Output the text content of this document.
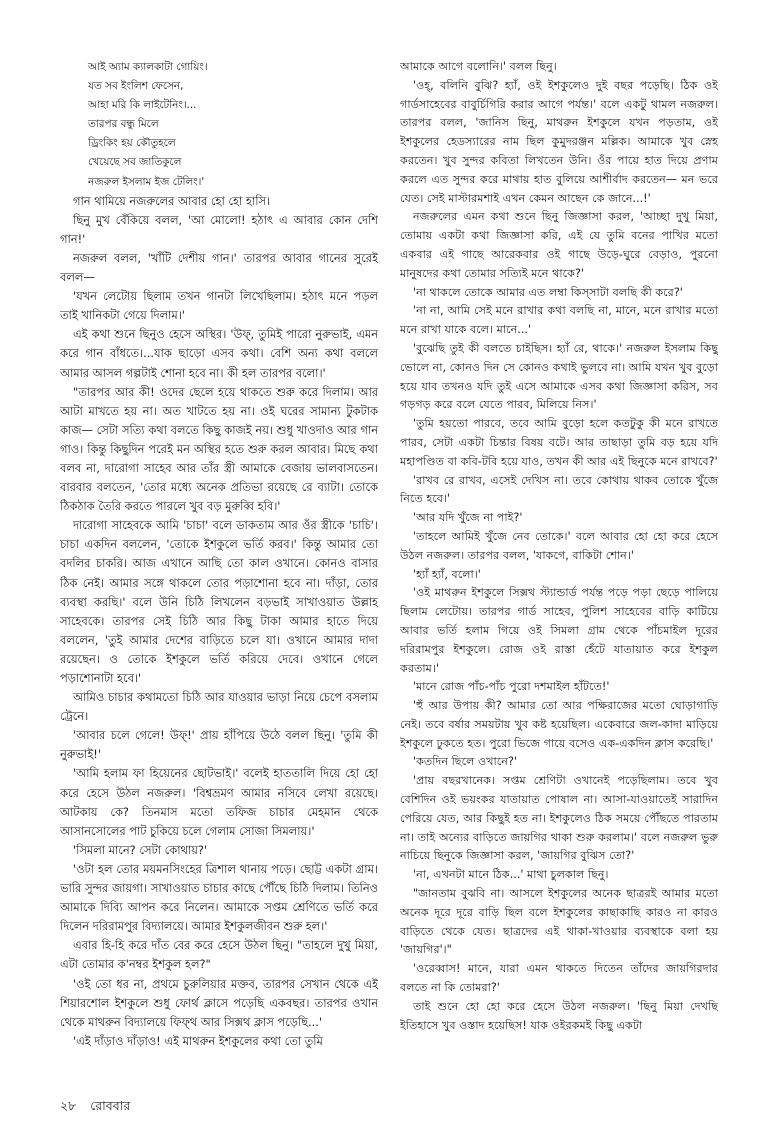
আই অ্যাম ক্যালকাটা গোয়িং।

যত সব ইংলিশ ফেসেন,

আহা মরি কি লাইটেনিং।...

তারপর বন্ধু মিলে

ড্রিংকিং হয় কৌতুহলে

খেয়েছে সব জাতিকুলে

নজরুল ইসলাম ইজ টেলিং।'

গান থামিয়ে নজরুলের আবার হো হো হাসি।

ছিনু মুখ বেঁকিয়ে বলল, 'আ মোলো! হঠাৎ এ আবার কোন দেশি গান!'

নজরুল বলল, 'খাঁটি দেশীয় গান।' তারপর আবার গানের সুরেই বলল—

'যখন লেটোয় ছিলাম তখন গানটা লিখেছিলাম। হঠাৎ মনে পড়ল তাই খানিকটা গেয়ে দিলাম।'

এই কথা শুনে ছিনুও হেসে অস্থির। 'উফ্‌, তুমিই পারো নুরুভাই, এমন করে গান বাঁধতে।...যাক ছাড়ো এসব কথা। বেশি অন্য কথা বললে আমার আসল গল্পটাই শোনা হবে না। কী হল তারপর বলো।'

"তারপর আর কী! ওদের ছেলে হয়ে থাকতে শুরু করে দিলাম। আর আটা মাখতে হয় না। অত খাটতে হয় না। ওই ঘরের সামান্য টুকটাক কাজ— সেটা সত্যি কথা বলতে কিছু কাজই নয়। শুধু খাওদাও আর গান গাও। কিন্তু কিছুদিন পরেই মন অস্থির হতে শুরু করল আবার। মিছে কথা বলব না, দারোগা সাহেব আর তাঁর স্ত্রী আমাকে বেজায় ভালবাসতেন। বারবার বলতেন, 'তোর মধ্যে অনেক প্রতিভা রয়েছে রে ব্যাটা। তোকে ঠিকঠাক তৈরি করতে পারলে খুব বড় মুরুব্বি হবি।'

দারোগা সাহেবকে আমি 'চাচা' বলে ডাকতাম আর ওঁর স্ত্রীকে 'চাচি'। চাচা একদিন বললেন, 'তোকে ইশকুলে ভর্তি করব।' কিন্তু আমার তো বদলির চাকরি। আজ এখানে আছি তো কাল ওখানে। কোনও বাসার ঠিক নেই। আমার সঙ্গে থাকলে তোর পড়াশোনা হবে না। দাঁড়া, তোর ব্যবস্থা করছি।' বলে উনি চিঠি লিখলেন বড়ভাই সাখাওয়াত উল্লাহ সাহেবকে। তারপর সেই চিঠি আর কিছু টাকা আমার হাতে দিয়ে বললেন, 'তুই আমার দেশের বাড়িতে চলে যা। ওখানে আমার দাদা রয়েছেন। ও তোকে ইশকুলে ভর্তি করিয়ে দেবে। ওখানে গেলে পড়াশোনাটা হবে।'

আমিও চাচার কথামতো চিঠি আর যাওয়ার ভাড়া নিয়ে চেপে বসলাম ট্রেনে।

'আবার চলে গেলে! উফ্‌!' প্রায় হাঁপিয়ে উঠে বলল ছিনু। 'তুমি কী নুরুভাই!'

'আমি হলাম ফা হিয়েনের ছোটভাই।' বলেই হাততালি দিয়ে হো হো করে হেসে উঠল নজরুল। 'বিশ্বভ্রমণ আমার নসিবে লেখা রয়েছে। আটকায় কে? তিনমাস মতো তফিজ চাচার মেহমান থেকে আসানসোলের পাট চুকিয়ে চলে গেলাম সোজা সিমলায়।'

'সিমলা মানে? সেটা কোথায়?'

'ওটা হল তোর ময়মনসিংহের ত্রিশাল থানায় পড়ে। ছোট্ট একটা গ্রাম। ভারি সুন্দর জায়গা। সাখাওয়াত চাচার কাছে পৌঁছে চিঠি দিলাম। তিনিও আমাকে দিব্যি আপন করে নিলেন। আমাকে সপ্তম শ্রেণিতে ভর্তি করে দিলেন দরিরামপুর বিদ্যালয়ে। আমার ইশকুলজীবন শুরু হল।'

এবার হি-হি করে দাঁত বের করে হেসে উঠল ছিনু। "তাহলে দুখু মিয়া, এটা তোমার ক'নম্বর ইশকুল হল?"

'ওই তো ধর না, প্রথমে চুরুলিয়ার মক্তব, তারপর সেখান থেকে এই শিয়ারশোল ইশকুলে শুধু ফোর্থ ক্লাসে পড়েছি একবছর। তারপর ওখান থেকে মাথরুন বিদ্যালয়ে ফিফ্‌থ আর সিক্সথ ক্লাস পড়েছি...'

'এই দাঁড়াও দাঁড়াও! এই মাথরুন ইশকুলের কথা তো তুমি

আমাকে আগে বলোনি।' বলল ছিনু।

'ওহ্‌, বলিনি বুঝি? হ্যাঁ, ওই ইশকুলেও দুই বছর পড়েছি। ঠিক ওই গার্ডসাহেবের বাবুর্চিগিরি করার আগে পর্যন্ত।' বলে একটু থামল নজরুল। তারপর বলল, 'জানিস ছিনু, মাথরুন ইশকুলে যখন পড়তাম, ওই ইশকুলের হেডস্যারের নাম ছিল কুমুদরঞ্জন মল্লিক। আমাকে খুব স্নেহ করতেন। খুব সুন্দর কবিতা লিখতেন উনি। ওঁর পায়ে হাত দিয়ে প্রণাম করলে এত সুন্দর করে মাথায় হাত বুলিয়ে আশীর্বাদ করতেন— মন ভরে যেত। সেই মাস্টারমশাই এখন কেমন আছেন কে জানে...!'

নজরুলের এমন কথা শুনে ছিনু জিজ্ঞাসা করল, 'আচ্ছা দুখু মিয়া, তোমায় একটা কথা জিজ্ঞাসা করি, এই যে তুমি বনের পাখির মতো একবার এই গাছে আরেকবার ওই গাছে উড়ে-ঘুরে বেড়াও, পুরনো মানুষদের কথা তোমার সত্যিই মনে থাকে?'

'না থাকলে তোকে আমার এত লম্বা কিস্‌সাটা বলছি কী করে?'

'না না, আমি সেই মনে রাখার কথা বলছি না, মানে, মনে রাখার মতো মনে রাখা যাকে বলে। মানে...'

'বুঝেছি তুই কী বলতে চাইছিস। হ্যাঁ রে, থাকে।' নজরুল ইসলাম কিছু ভোলে না, কোনও দিন সে কোনও কথাই ভুলবে না। আমি যখন খুব বুড়ো হয়ে যাব তখনও যদি তুই এসে আমাকে এসব কথা জিজ্ঞাসা করিস, সব গড়গড় করে বলে যেতে পারব, মিলিয়ে নিস।'

'তুমি হয়তো পারবে, তবে আমি বুড়ো হলে কতটুকু কী মনে রাখতে পারব, সেটা একটা চিন্তার বিষয় বটে। আর তাছাড়া তুমি বড় হয়ে যদি মহাপণ্ডিত বা কবি-টবি হয়ে যাও, তখন কী আর এই ছিনুকে মনে রাখবে?'

'রাখব রে রাখব, এসেই দেখিস না। তবে কোথায় থাকব তোকে খুঁজে নিতে হবে।'

'আর যদি খুঁজে না পাই?'

'তাহলে আমিই খুঁজে নেব তোকে।' বলে আবার হো হো করে হেসে উঠল নজরুল। তারপর বলল, 'যাকগে, বাকিটা শোন।'

'হ্যাঁ হ্যাঁ, বলো।'

'ওই মাথরুন ইশকুলে সিক্সথ স্ট্যান্ডার্ড পর্যন্ত পড়ে পড়া ছেড়ে পালিয়ে ছিলাম লেটোয়। তারপর গার্ড সাহেব, পুলিশ সাহেবের বাড়ি কাটিয়ে আবার ভর্তি হলাম গিয়ে ওই সিমলা গ্রাম থেকে পাঁচমাইল দূরের দরিরামপুর ইশকুলে। রোজ ওই রাস্তা হেঁটে যাতায়াত করে ইশকুল করতাম।'

'মানে রোজ পাঁচ-পাঁচ পুরো দশমাইল হাঁটতে!'

'হুঁ আর উপায় কী? আমার তো আর পক্ষিরাজের মতো ঘোড়াগাড়ি নেই। তবে বর্ষার সময়টায় খুব কষ্ট হয়েছিল। একেবারে জল-কাদা মাড়িয়ে ইশকুলে ঢুকতে হত। পুরো ভিজে গায়ে বসেও এক-একদিন ক্লাস করেছি।'

'কতদিন ছিলে ওখানে?'

'প্রায় বছরখানেক। সপ্তম শ্রেণিটা ওখানেই পড়েছিলাম। তবে খুব বেশিদিন ওই ভয়ংকর যাতায়াত পোষাল না। আসা-যাওয়াতেই সারাদিন পেরিয়ে যেত, আর কিছুই হত না। ইশকুলেও ঠিক সময়ে পৌঁছতে পারতাম না। তাই অন্যের বাড়িতে জায়গির থাকা শুরু করলাম।' বলে নজরুল ভুরু নাচিয়ে ছিনুকে জিজ্ঞাসা করল, 'জায়গির বুঝিস তো?'

'না, এখনটা মানে ঠিক...' মাথা চুলকাল ছিনু।

"জানতাম বুঝবি না। আসলে ইশকুলের অনেক ছাত্ররই আমার মতো অনেক দূরে দূরে বাড়ি ছিল বলে ইশকুলের কাছাকাছি কারও না কারও বাড়িতে থেকে যেত। ছাত্রদের এই থাকা-খাওয়ার ব্যবস্থাকে বলা হয় 'জায়গির'।"

'ওরেব্বাস! মানে, যারা এমন থাকতে দিতেন তাঁদের জায়গিরদার বলতে না কি তোমরা?'

তাই শুনে হো হো করে হেসে উঠল নজরুল। 'ছিনু মিয়া দেখছি ইতিহাসে খুব ওস্তাদ হয়েছিস! যাক ওইরকমই কিছু একটা

২৮ রোববার
